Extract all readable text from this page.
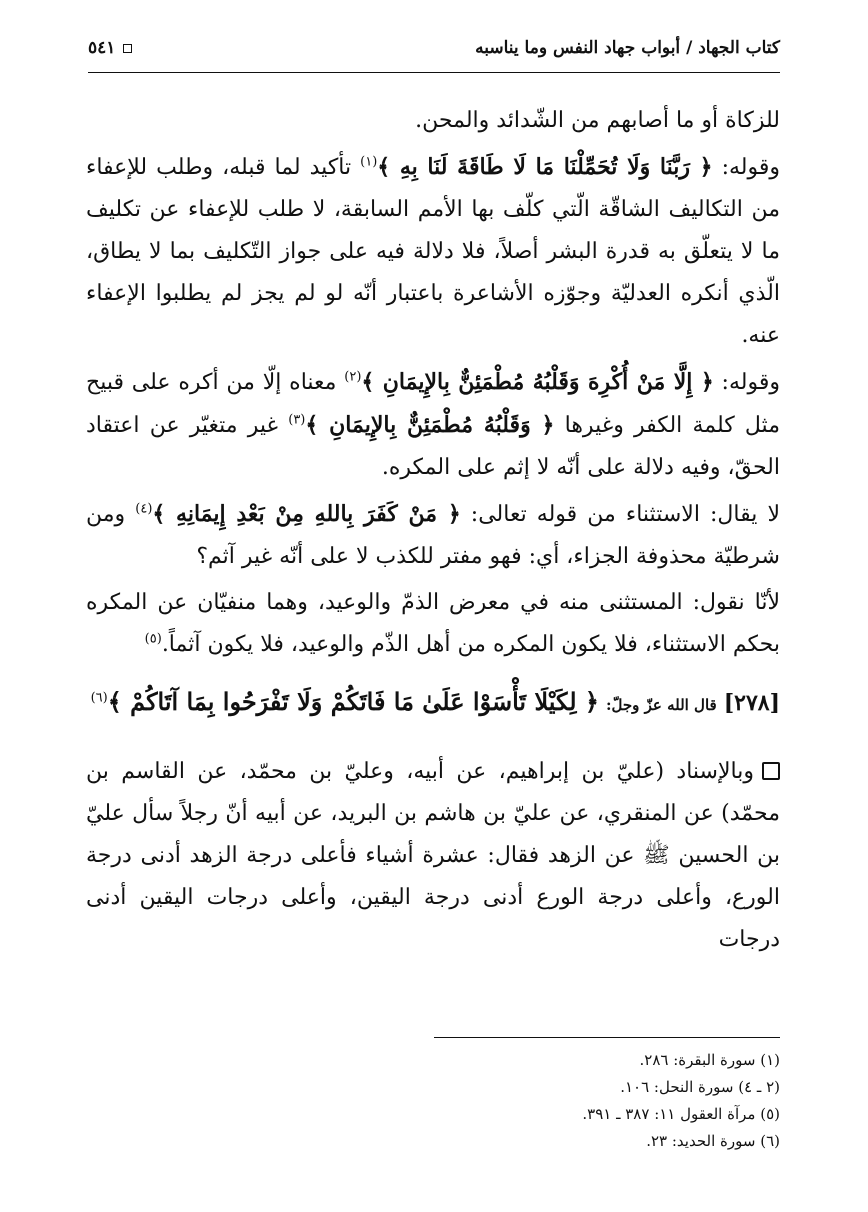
كتاب الجهاد / أبواب جهاد النفس وما يناسبه
٥٤١

للزكاة أو ما أصابهم من الشّدائد والمحن.

وقوله: ﴿ رَبَّنَا وَلَا تُحَمِّلْنَا مَا لَا طَاقَةَ لَنَا بِهِ ﴾$^{(١)}$ تأكيد لما قبله، وطلب للإعفاء من التكاليف الشاقّة الّتي كلّف بها الأمم السابقة، لا طلب للإعفاء عن تكليف ما لا يتعلّق به قدرة البشر أصلاً، فلا دلالة فيه على جواز التّكليف بما لا يطاق، الّذي أنكره العدليّة وجوّزه الأشاعرة باعتبار أنّه لو لم يجز لم يطلبوا الإعفاء عنه.

وقوله: ﴿ إِلَّا مَنْ أُكْرِهَ وَقَلْبُهُ مُطْمَئِنٌّ بِالإِيمَانِ ﴾$^{(٢)}$ معناه إلّا من أكره على قبيح مثل كلمة الكفر وغيرها ﴿ وَقَلْبُهُ مُطْمَئِنٌّ بِالإِيمَانِ ﴾$^{(٣)}$ غير متغيّر عن اعتقاد الحقّ، وفيه دلالة على أنّه لا إثم على المكره.

لا يقال: الاستثناء من قوله تعالى: ﴿ مَنْ كَفَرَ بِاللهِ مِنْ بَعْدِ إِيمَانِهِ ﴾$^{(٤)}$ ومن شرطيّة محذوفة الجزاء، أي: فهو مفتر للكذب لا على أنّه غير آثم؟

لأنّا نقول: المستثنى منه في معرض الذمّ والوعيد، وهما منفيّان عن المكره بحكم الاستثناء، فلا يكون المكره من أهل الذّم والوعيد، فلا يكون آثماً.$^{(٥)}$

[٢٧٨] قال الله عزّ وجلّ: ﴿ لِكَيْلَا تَأْسَوْا عَلَىٰ مَا فَاتَكُمْ وَلَا تَفْرَحُوا بِمَا آتَاكُمْ ﴾$^{(٦)}$

وبالإسناد (عليّ بن إبراهيم، عن أبيه، وعليّ بن محمّد، عن القاسم بن محمّد) عن المنقري، عن عليّ بن هاشم بن البريد، عن أبيه أنّ رجلاً سأل عليّ بن الحسين ﷺ عن الزهد فقال: عشرة أشياء فأعلى درجة الزهد أدنى درجة الورع، وأعلى درجة الورع أدنى درجة اليقين، وأعلى درجات اليقين أدنى درجات

(١) سورة البقرة: ٢٨٦.
(٢ ـ ٤) سورة النحل: ١٠٦.
(٥) مرآة العقول ١١: ٣٨٧ ـ ٣٩١.
(٦) سورة الحديد: ٢٣.
